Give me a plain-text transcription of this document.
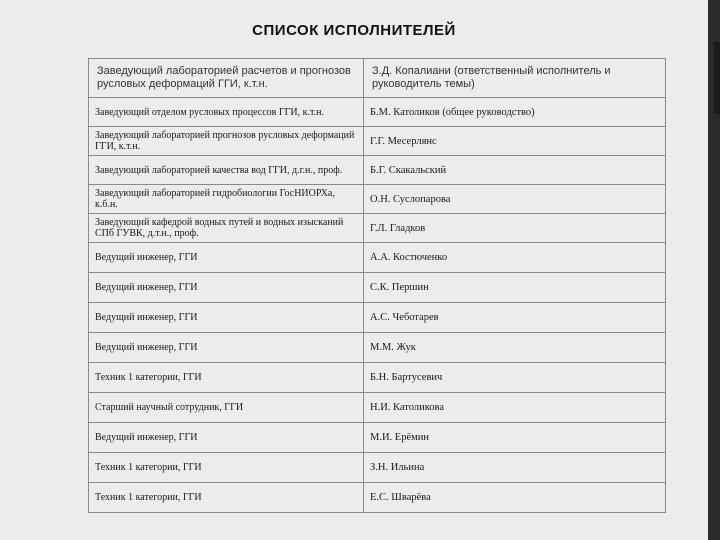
СПИСОК ИСПОЛНИТЕЛЕЙ
Заведующий лабораторией расчетов и прогнозов русловых деформаций ГГИ, к.т.н.	З.Д. Копалиани (ответственный исполнитель и руководитель темы)
Заведующий отделом русловых процессов ГГИ, к.т.н.	Б.М. Католиков (общее руководство)
Заведующий лабораторией прогнозов русловых деформаций ГГИ, к.т.н.	Г.Г. Месерлянс
Заведующий лабораторией качества вод ГГИ, д.г.н., проф.	Б.Г. Скакальский
Заведующий лабораторией гидробиологии ГосНИОРХа, к.б.н.	О.Н. Суслопарова
Заведующий кафедрой водных путей и водных изысканий СПб ГУВК, д.т.н., проф.	Г.Л. Гладков
Ведущий инженер, ГГИ	А.А. Костюченко
Ведущий инженер, ГГИ	С.К. Першин
Ведущий инженер, ГГИ	А.С. Чеботарев
Ведущий инженер, ГГИ	М.М. Жук
Техник 1 категории, ГГИ	Б.Н. Бартусевич
Старший научный сотрудник, ГГИ	Н.И. Католикова
Ведущий инженер, ГГИ	М.И. Ерёмин
Техник 1 категории, ГГИ	З.Н. Ильина
Техник 1 категории, ГГИ	Е.С. Шварёва
